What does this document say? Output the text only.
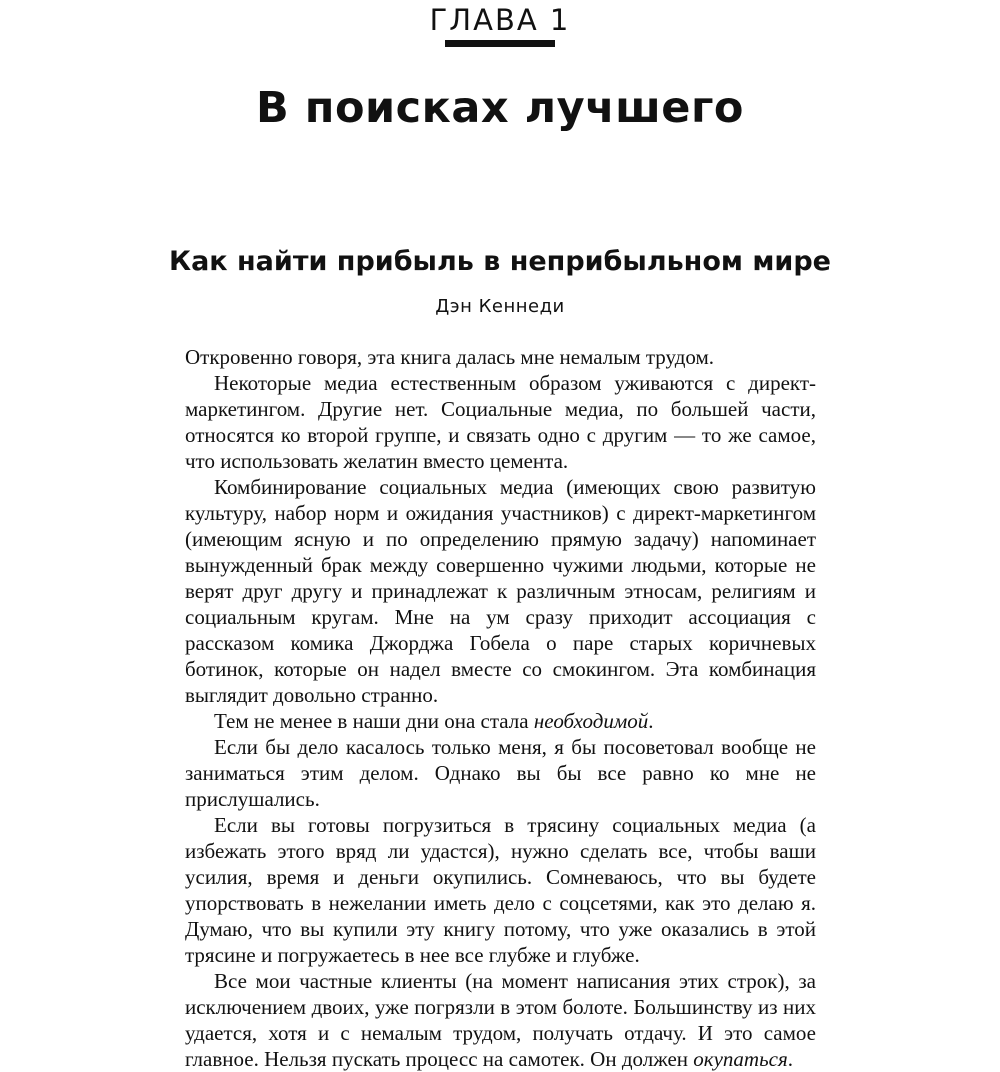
ГЛАВА 1
В поисках лучшего
Как найти прибыль в неприбыльном мире
Дэн Кеннеди

Откровенно говоря, эта книга далась мне немалым трудом.

Некоторые медиа естественным образом уживаются с директ-маркетингом. Другие нет. Социальные медиа, по большей части, относятся ко второй группе, и связать одно с другим — то же самое, что использовать желатин вместо цемента.

Комбинирование социальных медиа (имеющих свою развитую культуру, набор норм и ожидания участников) с директ-маркетингом (имеющим ясную и по определению прямую задачу) напоминает вынужденный брак между совершенно чужими людьми, которые не верят друг другу и принадлежат к различным этносам, религиям и социальным кругам. Мне на ум сразу приходит ассоциация с рассказом комика Джорджа Гобела о паре старых коричневых ботинок, которые он надел вместе со смокингом. Эта комбинация выглядит довольно странно.

Тем не менее в наши дни она стала необходимой.

Если бы дело касалось только меня, я бы посоветовал вообще не заниматься этим делом. Однако вы бы все равно ко мне не прислушались.

Если вы готовы погрузиться в трясину социальных медиа (а избежать этого вряд ли удастся), нужно сделать все, чтобы ваши усилия, время и деньги окупились. Сомневаюсь, что вы будете упорствовать в нежелании иметь дело с соцсетями, как это делаю я. Думаю, что вы купили эту книгу потому, что уже оказались в этой трясине и погружаетесь в нее все глубже и глубже.

Все мои частные клиенты (на момент написания этих строк), за исключением двоих, уже погрязли в этом болоте. Большинству из них удается, хотя и с немалым трудом, получать отдачу. И это самое главное. Нельзя пускать процесс на самотек. Он должен окупаться.
